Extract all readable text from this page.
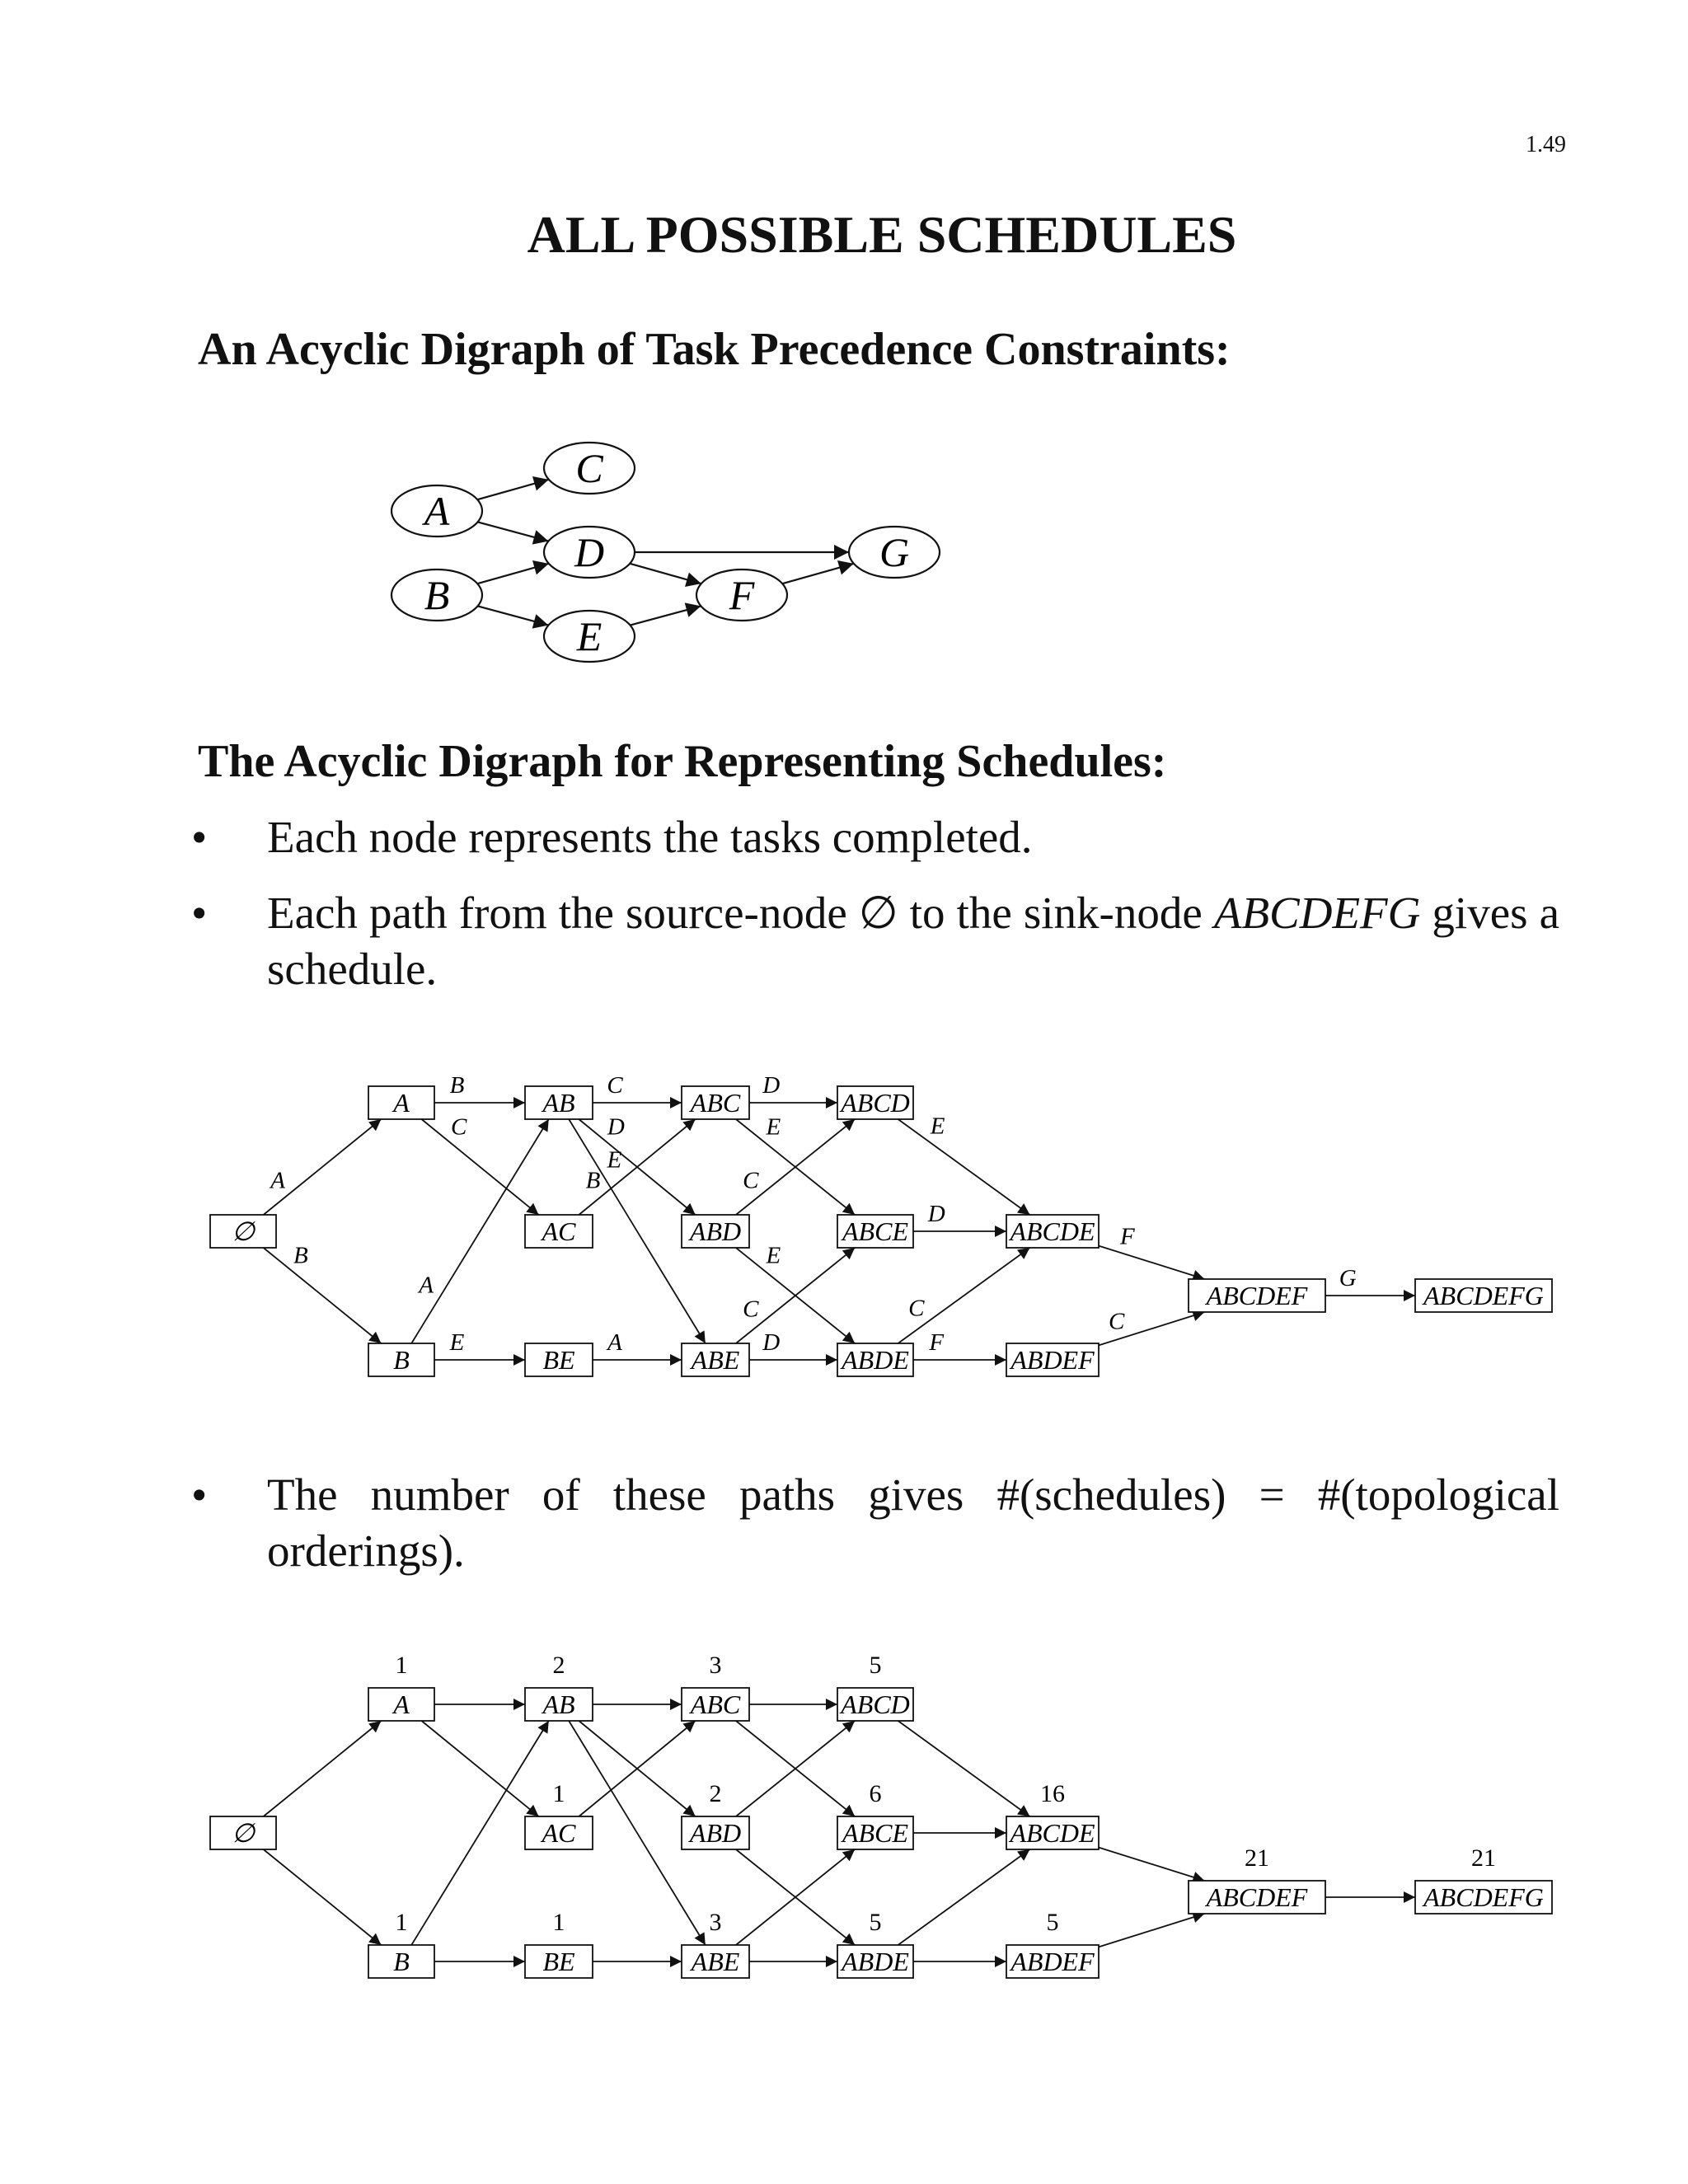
1.49
ALL POSSIBLE SCHEDULES
An Acyclic Digraph of Task Precedence Constraints:
The Acyclic Digraph for Representing Schedules:
•	Each node represents the tasks completed.
•	Each path from the source-node ∅ to the sink-node ABCDEFG gives a schedule.
•	The number of these paths gives #(schedules) = #(topological orderings).
A
B
C
D
E
F
G
A
B
B
C
A
E
C
D
E
B
A
D
E
C
E
C
D
E
D
C
F
F
C
G
∅
A
B
AB
AC
BE
ABC
ABD
ABE
ABCD
ABCE
ABDE
ABCDE
ABDEF
ABCDEF	ABCDEFG
∅
A
1
B
1
AB
2
AC
1
BE
1
ABC
3
ABD
2
ABE
3
ABCD
5
ABCE
6
ABDE
5
ABCDE
16
ABDEF
5
ABCDEF
21
ABCDEFG
21
